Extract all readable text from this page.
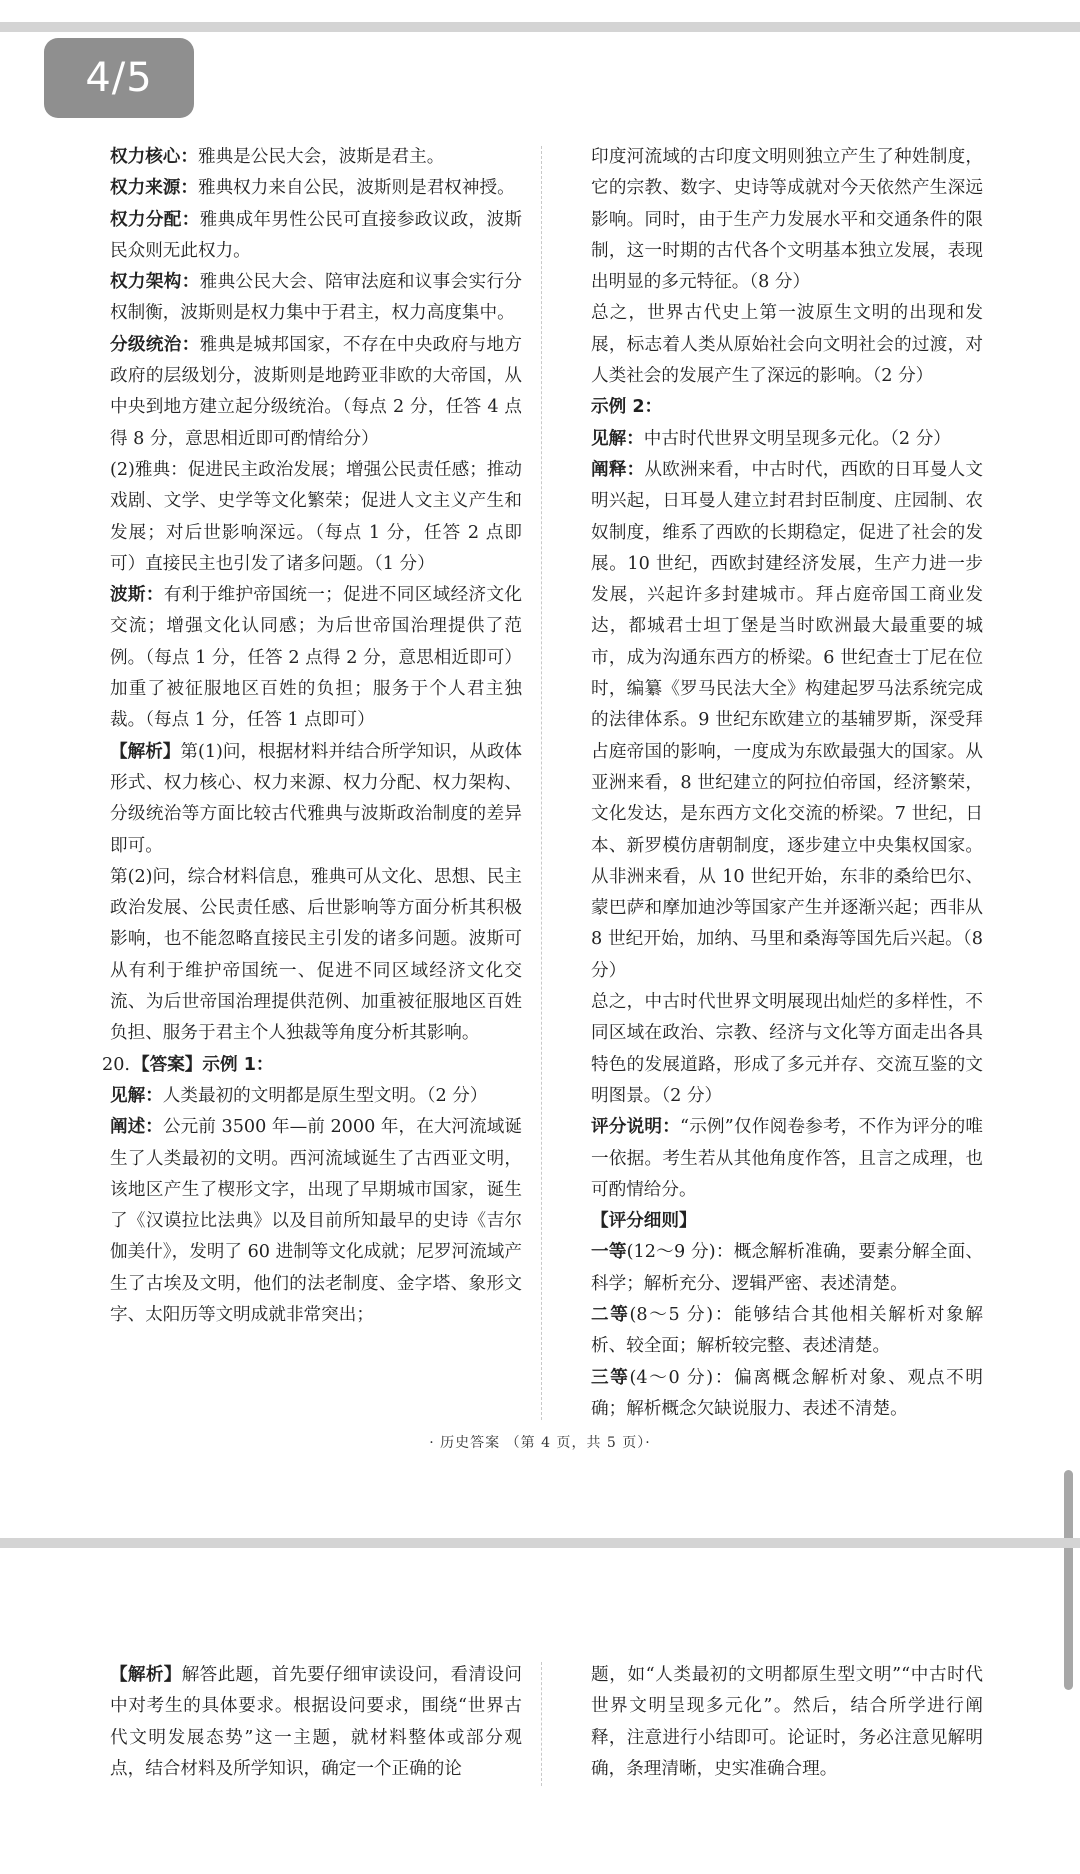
4/5

权力核心：雅典是公民大会，波斯是君主。

权力来源：雅典权力来自公民，波斯则是君权神授。

权力分配：雅典成年男性公民可直接参政议政，波斯民众则无此权力。

权力架构：雅典公民大会、陪审法庭和议事会实行分权制衡，波斯则是权力集中于君主，权力高度集中。

分级统治：雅典是城邦国家，不存在中央政府与地方政府的层级划分，波斯则是地跨亚非欧的大帝国，从中央到地方建立起分级统治。（每点 2 分，任答 4 点得 8 分，意思相近即可酌情给分）

(2)雅典：促进民主政治发展；增强公民责任感；推动戏剧、文学、史学等文化繁荣；促进人文主义产生和发展；对后世影响深远。（每点 1 分，任答 2 点即可）直接民主也引发了诸多问题。（1 分）

波斯：有利于维护帝国统一；促进不同区域经济文化交流；增强文化认同感；为后世帝国治理提供了范例。（每点 1 分，任答 2 点得 2 分，意思相近即可）加重了被征服地区百姓的负担；服务于个人君主独裁。（每点 1 分，任答 1 点即可）

【解析】第(1)问，根据材料并结合所学知识，从政体形式、权力核心、权力来源、权力分配、权力架构、分级统治等方面比较古代雅典与波斯政治制度的差异即可。

第(2)问，综合材料信息，雅典可从文化、思想、民主政治发展、公民责任感、后世影响等方面分析其积极影响，也不能忽略直接民主引发的诸多问题。波斯可从有利于维护帝国统一、促进不同区域经济文化交流、为后世帝国治理提供范例、加重被征服地区百姓负担、服务于君主个人独裁等角度分析其影响。

20. 【答案】示例 1：

见解：人类最初的文明都是原生型文明。（2 分）

阐述：公元前 3500 年—前 2000 年，在大河流域诞生了人类最初的文明。西河流域诞生了古西亚文明，该地区产生了楔形文字，出现了早期城市国家，诞生了《汉谟拉比法典》以及目前所知最早的史诗《吉尔伽美什》，发明了 60 进制等文化成就；尼罗河流域产生了古埃及文明，他们的法老制度、金字塔、象形文字、太阳历等文明成就非常突出；

印度河流域的古印度文明则独立产生了种姓制度，它的宗教、数字、史诗等成就对今天依然产生深远影响。同时，由于生产力发展水平和交通条件的限制，这一时期的古代各个文明基本独立发展，表现出明显的多元特征。（8 分）

总之，世界古代史上第一波原生文明的出现和发展，标志着人类从原始社会向文明社会的过渡，对人类社会的发展产生了深远的影响。（2 分）

示例 2：

见解：中古时代世界文明呈现多元化。（2 分）

阐释：从欧洲来看，中古时代，西欧的日耳曼人文明兴起，日耳曼人建立封君封臣制度、庄园制、农奴制度，维系了西欧的长期稳定，促进了社会的发展。10 世纪，西欧封建经济发展，生产力进一步发展，兴起许多封建城市。拜占庭帝国工商业发达，都城君士坦丁堡是当时欧洲最大最重要的城市，成为沟通东西方的桥梁。6 世纪查士丁尼在位时，编纂《罗马民法大全》构建起罗马法系统完成的法律体系。9 世纪东欧建立的基辅罗斯，深受拜占庭帝国的影响，一度成为东欧最强大的国家。从亚洲来看，8 世纪建立的阿拉伯帝国，经济繁荣，文化发达，是东西方文化交流的桥梁。7 世纪，日本、新罗模仿唐朝制度，逐步建立中央集权国家。从非洲来看，从 10 世纪开始，东非的桑给巴尔、蒙巴萨和摩加迪沙等国家产生并逐渐兴起；西非从 8 世纪开始，加纳、马里和桑海等国先后兴起。（8 分）

总之，中古时代世界文明展现出灿烂的多样性，不同区域在政治、宗教、经济与文化等方面走出各具特色的发展道路，形成了多元并存、交流互鉴的文明图景。（2 分）

评分说明：“示例”仅作阅卷参考，不作为评分的唯一依据。考生若从其他角度作答，且言之成理，也可酌情给分。

【评分细则】

一等(12～9 分)：概念解析准确，要素分解全面、科学；解析充分、逻辑严密、表述清楚。

二等(8～5 分)：能够结合其他相关解析对象解析、较全面；解析较完整、表述清楚。

三等(4～0 分)：偏离概念解析对象、观点不明确；解析概念欠缺说服力、表述不清楚。

· 历史答案 （第 4 页，共 5 页）·

【解析】解答此题，首先要仔细审读设问，看清设问中对考生的具体要求。根据设问要求，围绕“世界古代文明发展态势”这一主题，就材料整体或部分观点，结合材料及所学知识，确定一个正确的论

题，如“人类最初的文明都原生型文明”“中古时代世界文明呈现多元化”。然后，结合所学进行阐释，注意进行小结即可。论证时，务必注意见解明确，条理清晰，史实准确合理。
